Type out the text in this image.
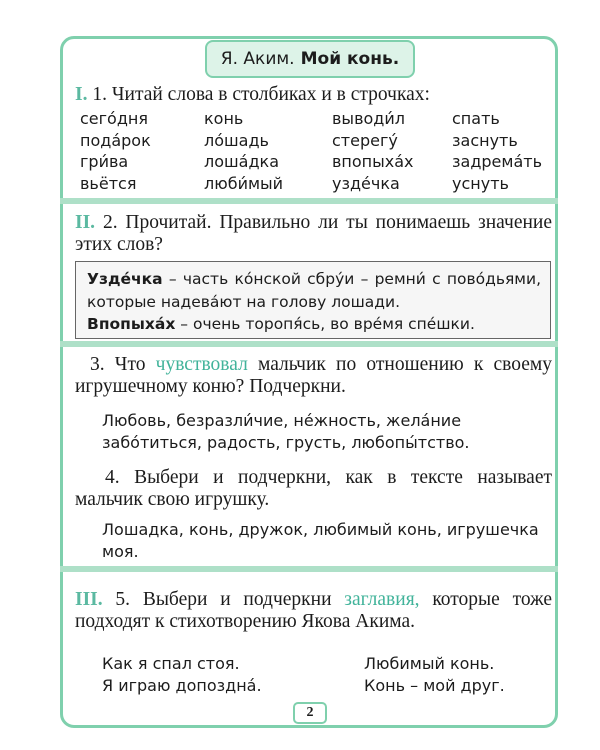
Я. Аким. Мой конь.

I. 1. Читай слова в столбиках и в строчках:

сего́дня	конь	выводи́л	спать
пода́рок	ло́шадь	стерегу́	заснуть
гри́ва	лоша́дка	впопыха́х	задрема́ть
вьётся	люби́мый	узде́чка	уснуть

II. 2. Прочитай. Правильно ли ты понимаешь значение этих слов?

Узде́чка – часть ко́нской сбру́и – ремни́ с пово́дьями, которые надева́ют на голову лошади.

Впопыха́х – очень торопя́сь, во вре́мя спе́шки.

3. Что чувствовал мальчик по отношению к своему игрушечному коню? Подчеркни.

Любовь, безразли́чие, не́жность, жела́ние забо́титься, радость, грусть, любопы́тство.

4. Выбери и подчеркни, как в тексте называет мальчик свою игрушку.

Лошадка, конь, дружок, любимый конь, игрушечка моя.

III. 5. Выбери и подчеркни заглавия, которые тоже подходят к стихотворению Якова Акима.

Как я спал стоя.	Любимый конь.
Я играю допоздна́.	Конь – мой друг.
2
